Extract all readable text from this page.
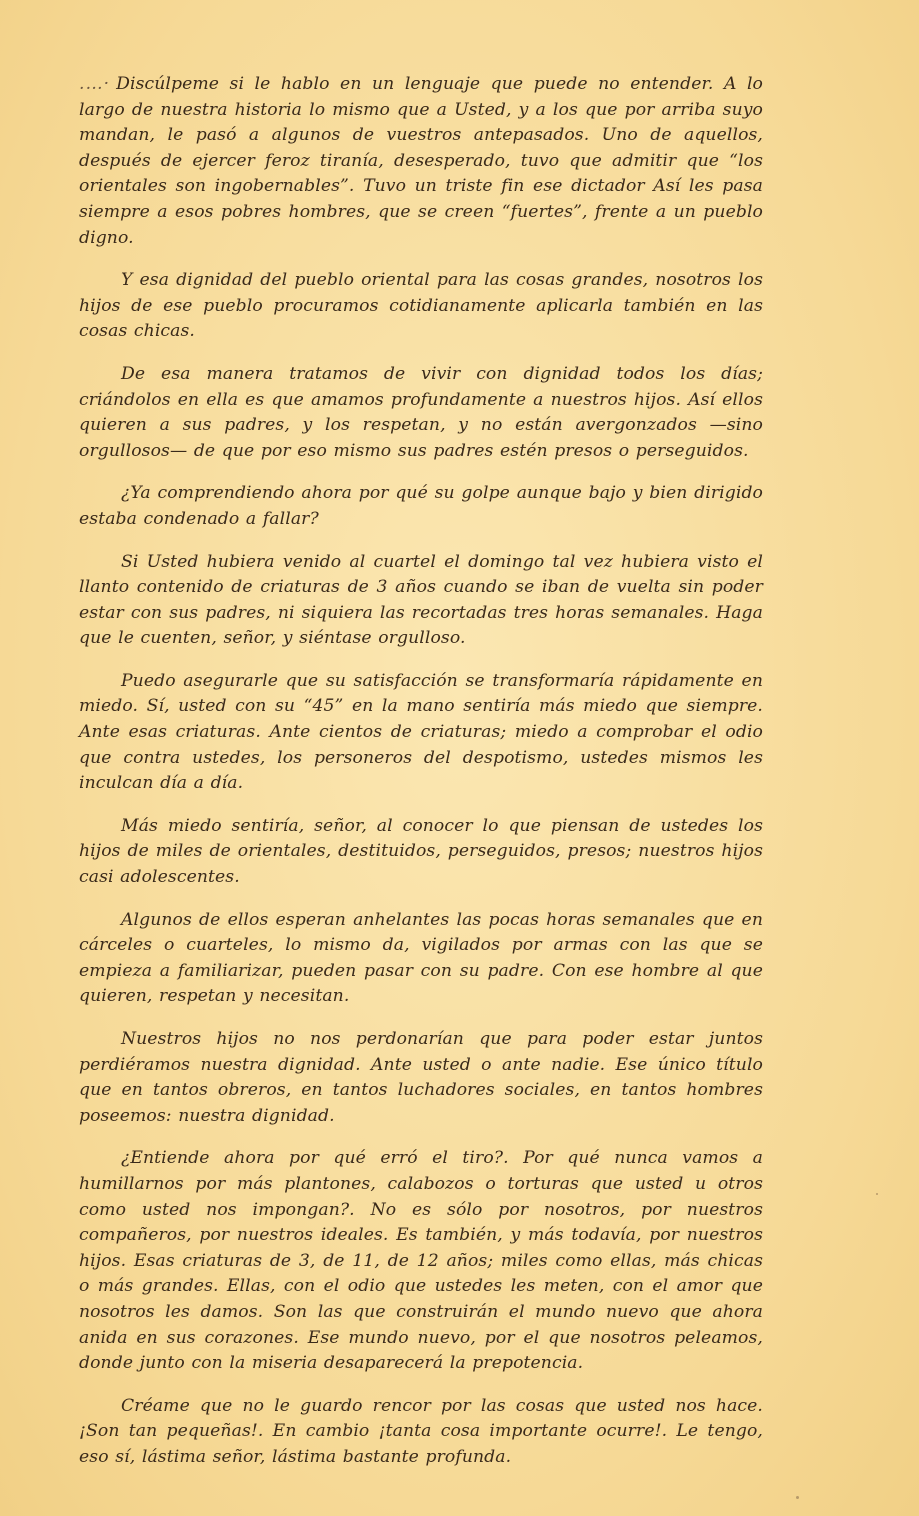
.…· Discúlpeme si le hablo en un lenguaje que puede no entender. A lo largo de nuestra historia lo mismo que a Usted, y a los que por arriba suyo mandan, le pasó a algunos de vuestros antepasados. Uno de aquellos, después de ejercer feroz tiranía, desesperado, tuvo que admitir que “los orientales son ingobernables”. Tuvo un triste fin ese dictador Así les pasa siempre a esos pobres hombres, que se creen “fuertes”, frente a un pueblo digno.

Y esa dignidad del pueblo oriental para las cosas grandes, nosotros los hijos de ese pueblo procuramos cotidianamente aplicarla también en las cosas chicas.

De esa manera tratamos de vivir con dignidad todos los días; criándolos en ella es que amamos profundamente a nuestros hijos. Así ellos quieren a sus padres, y los respetan, y no están avergonzados —sino orgullosos— de que por eso mismo sus padres estén presos o perseguidos.

¿Ya comprendiendo ahora por qué su golpe aunque bajo y bien dirigido estaba condenado a fallar?

Si Usted hubiera venido al cuartel el domingo tal vez hubiera visto el llanto contenido de criaturas de 3 años cuando se iban de vuelta sin poder estar con sus padres, ni siquiera las recortadas tres horas semanales. Haga que le cuenten, señor, y siéntase orgulloso.

Puedo asegurarle que su satisfacción se transformaría rápidamente en miedo. Sí, usted con su “45” en la mano sentiría más miedo que siempre. Ante esas criaturas. Ante cientos de criaturas; miedo a comprobar el odio que contra ustedes, los personeros del despotismo, ustedes mismos les inculcan día a día.

Más miedo sentiría, señor, al conocer lo que piensan de ustedes los hijos de miles de orientales, destituidos, perseguidos, presos; nuestros hijos casi adolescentes.

Algunos de ellos esperan anhelantes las pocas horas semanales que en cárceles o cuarteles, lo mismo da, vigilados por armas con las que se empieza a familiarizar, pueden pasar con su padre. Con ese hombre al que quieren, respetan y necesitan.

Nuestros hijos no nos perdonarían que para poder estar juntos perdiéramos nuestra dignidad. Ante usted o ante nadie. Ese único título que en tantos obreros, en tantos luchadores sociales, en tantos hombres poseemos: nuestra dignidad.

¿Entiende ahora por qué erró el tiro?. Por qué nunca vamos a humillarnos por más plantones, calabozos o torturas que usted u otros como usted nos impongan?. No es sólo por nosotros, por nuestros compañeros, por nuestros ideales. Es también, y más todavía, por nuestros hijos. Esas criaturas de 3, de 11, de 12 años; miles como ellas, más chicas o más grandes. Ellas, con el odio que ustedes les meten, con el amor que nosotros les damos. Son las que construirán el mundo nuevo que ahora anida en sus corazones. Ese mundo nuevo, por el que nosotros peleamos, donde junto con la miseria desaparecerá la prepotencia.

Créame que no le guardo rencor por las cosas que usted nos hace. ¡Son tan pequeñas!. En cambio ¡tanta cosa importante ocurre!. Le tengo, eso sí, lástima señor, lástima bastante profunda.
